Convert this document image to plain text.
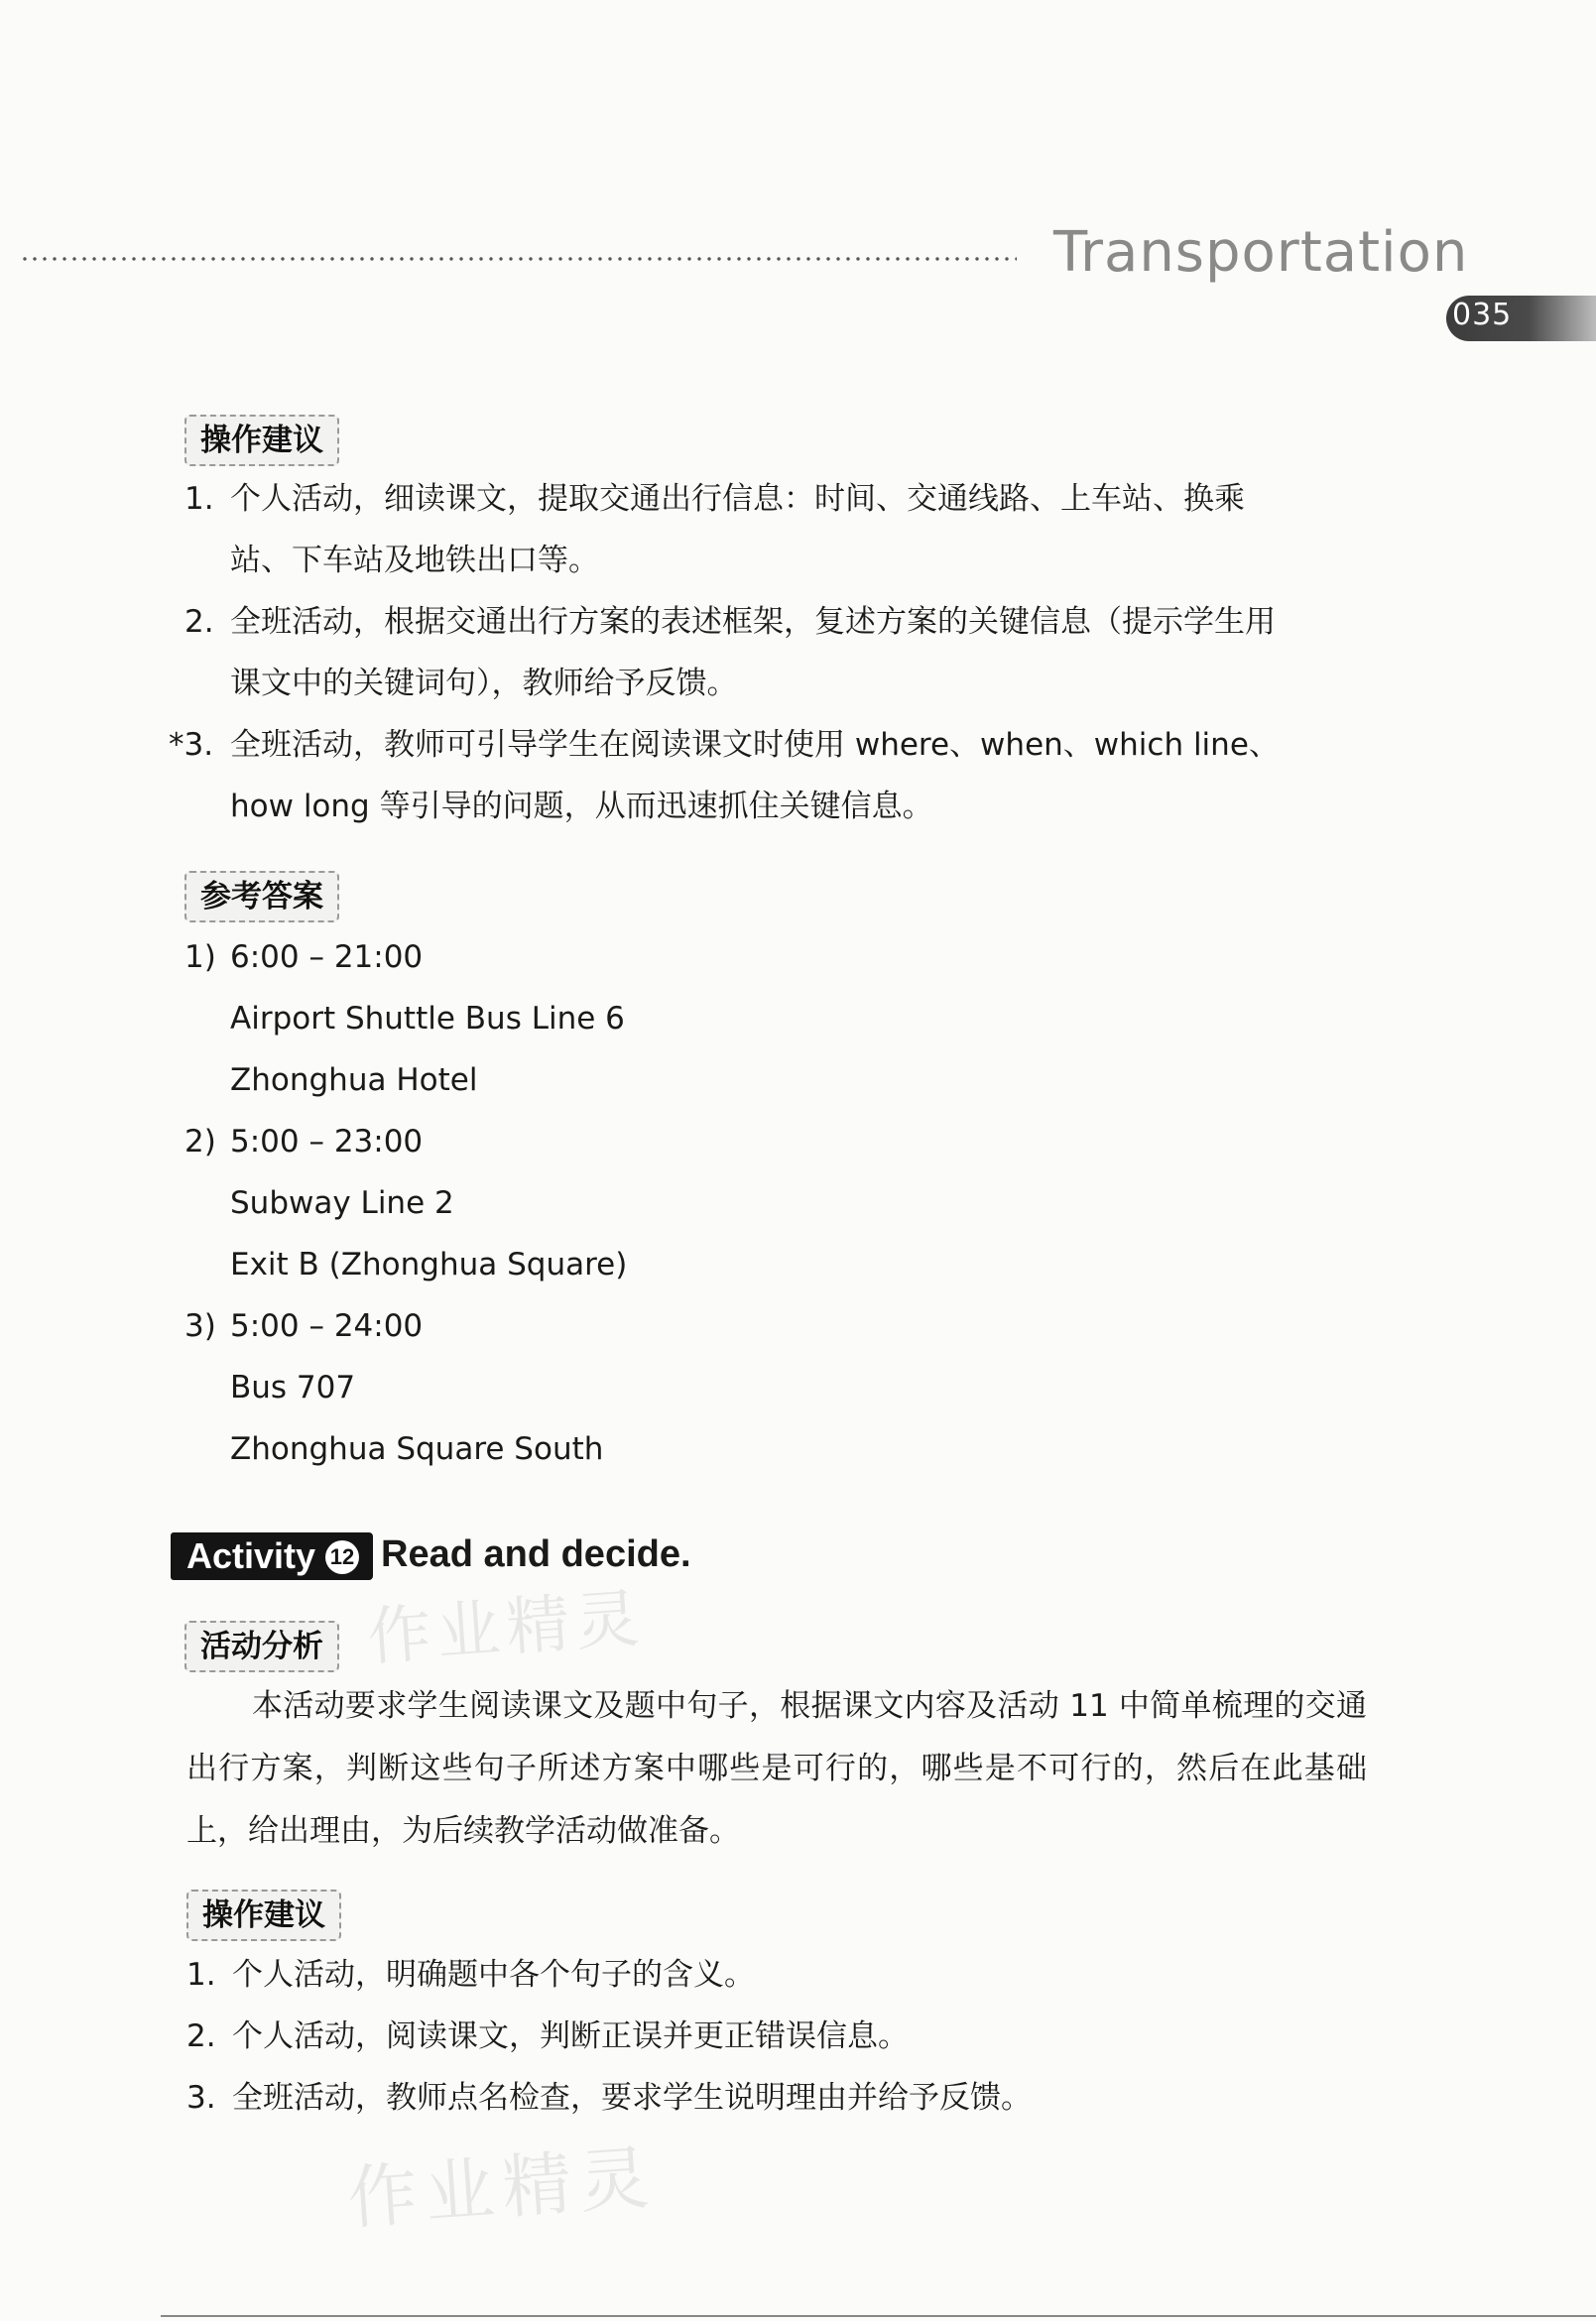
Transportation
035
操作建议
1. 个人活动，细读课文，提取交通出行信息：时间、交通线路、上车站、换乘
站、下车站及地铁出口等。
2. 全班活动，根据交通出行方案的表述框架，复述方案的关键信息（提示学生用
课文中的关键词句），教师给予反馈。
*3. 全班活动，教师可引导学生在阅读课文时使用 where、when、which line、
how long 等引导的问题，从而迅速抓住关键信息。
参考答案
1) 6:00 – 21:00
Airport Shuttle Bus Line 6
Zhonghua Hotel
2) 5:00 – 23:00
Subway Line 2
Exit B (Zhonghua Square)
3) 5:00 – 24:00
Bus 707
Zhonghua Square South
Activity 12 Read and decide.
活动分析
本活动要求学生阅读课文及题中句子，根据课文内容及活动 11 中简单梳理的交通出行方案，判断这些句子所述方案中哪些是可行的，哪些是不可行的，然后在此基础上，给出理由，为后续教学活动做准备。
操作建议
1. 个人活动，明确题中各个句子的含义。
2. 个人活动，阅读课文，判断正误并更正错误信息。
3. 全班活动，教师点名检查，要求学生说明理由并给予反馈。
作业精灵
作业精灵
